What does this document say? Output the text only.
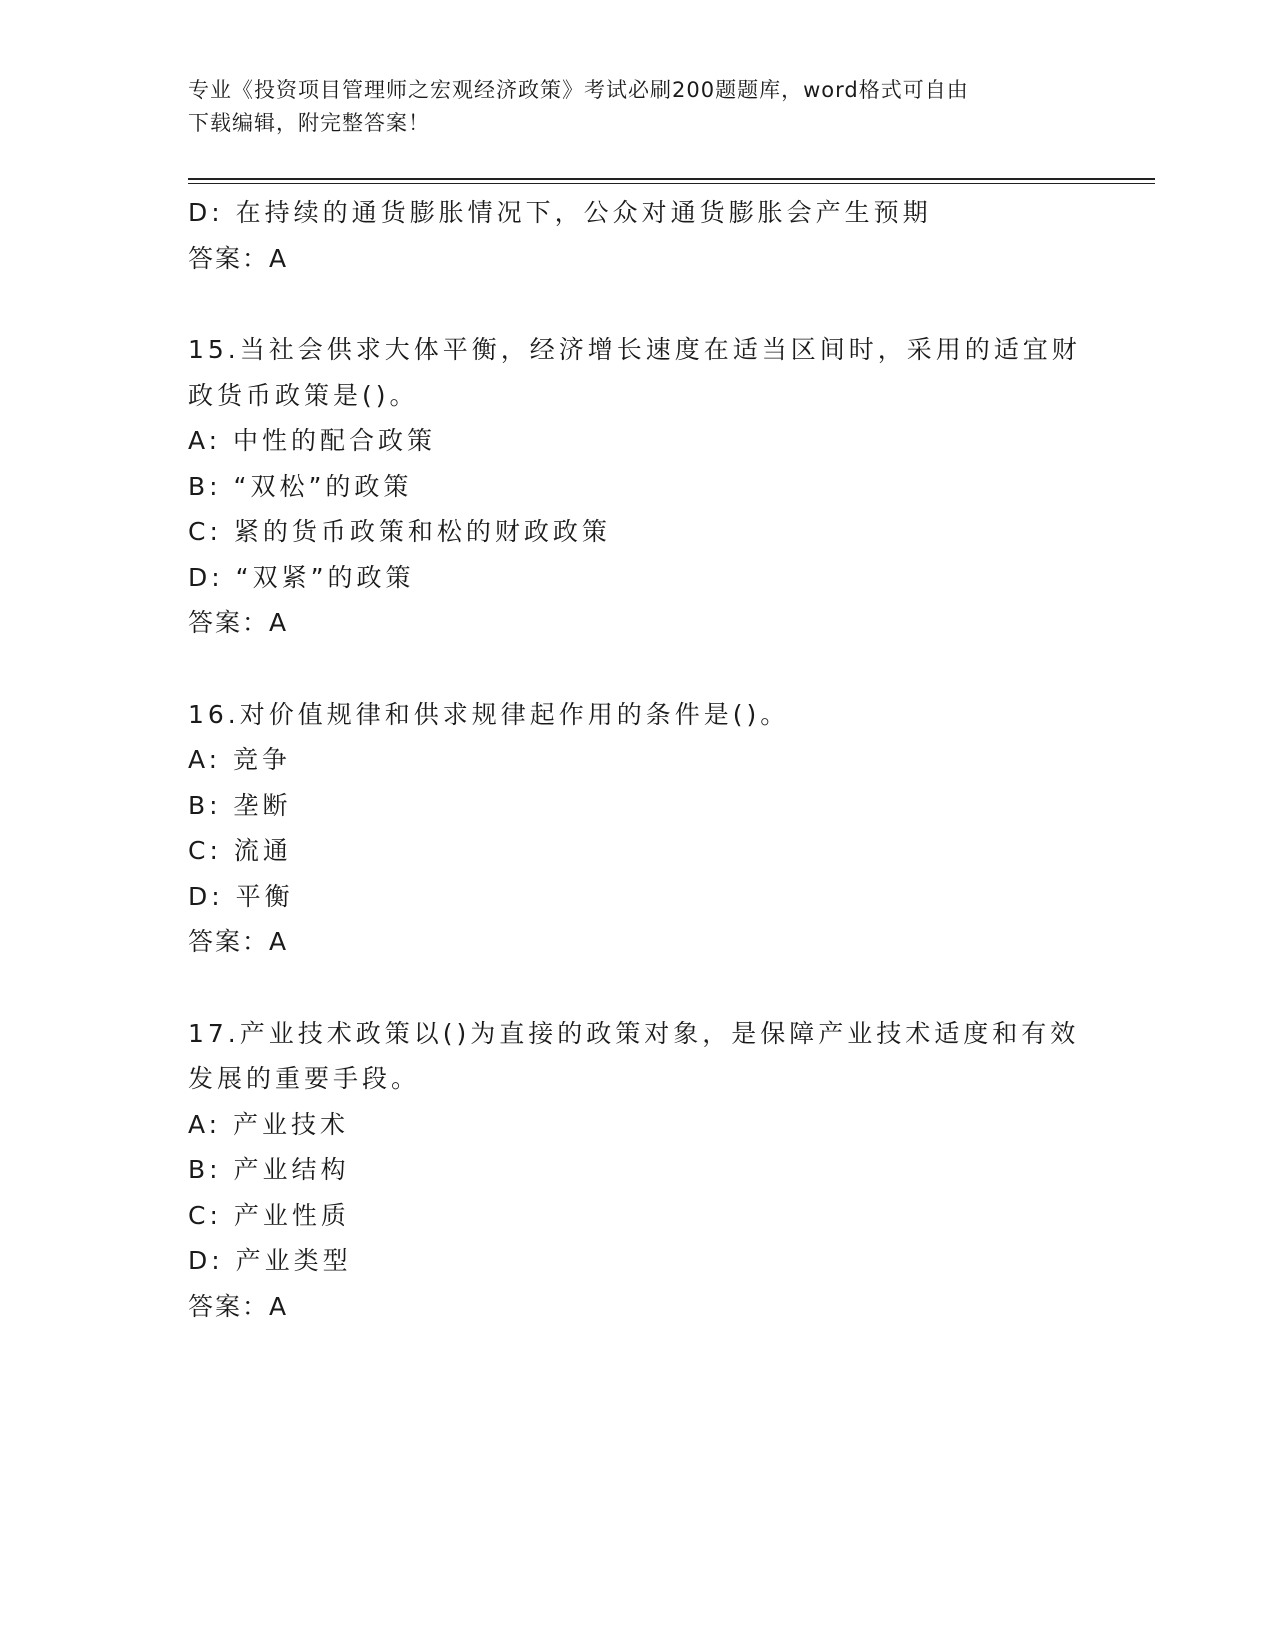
专业《投资项目管理师之宏观经济政策》考试必刷200题题库，word格式可自由
下载编辑，附完整答案！
D: 在持续的通货膨胀情况下，公众对通货膨胀会产生预期
答案：A
15.当社会供求大体平衡，经济增长速度在适当区间时，采用的适宜财
政货币政策是()。
A: 中性的配合政策
B: “双松”的政策
C: 紧的货币政策和松的财政政策
D: “双紧”的政策
答案：A
16.对价值规律和供求规律起作用的条件是()。
A: 竞争
B: 垄断
C: 流通
D: 平衡
答案：A
17.产业技术政策以()为直接的政策对象，是保障产业技术适度和有效
发展的重要手段。
A: 产业技术
B: 产业结构
C: 产业性质
D: 产业类型
答案：A
